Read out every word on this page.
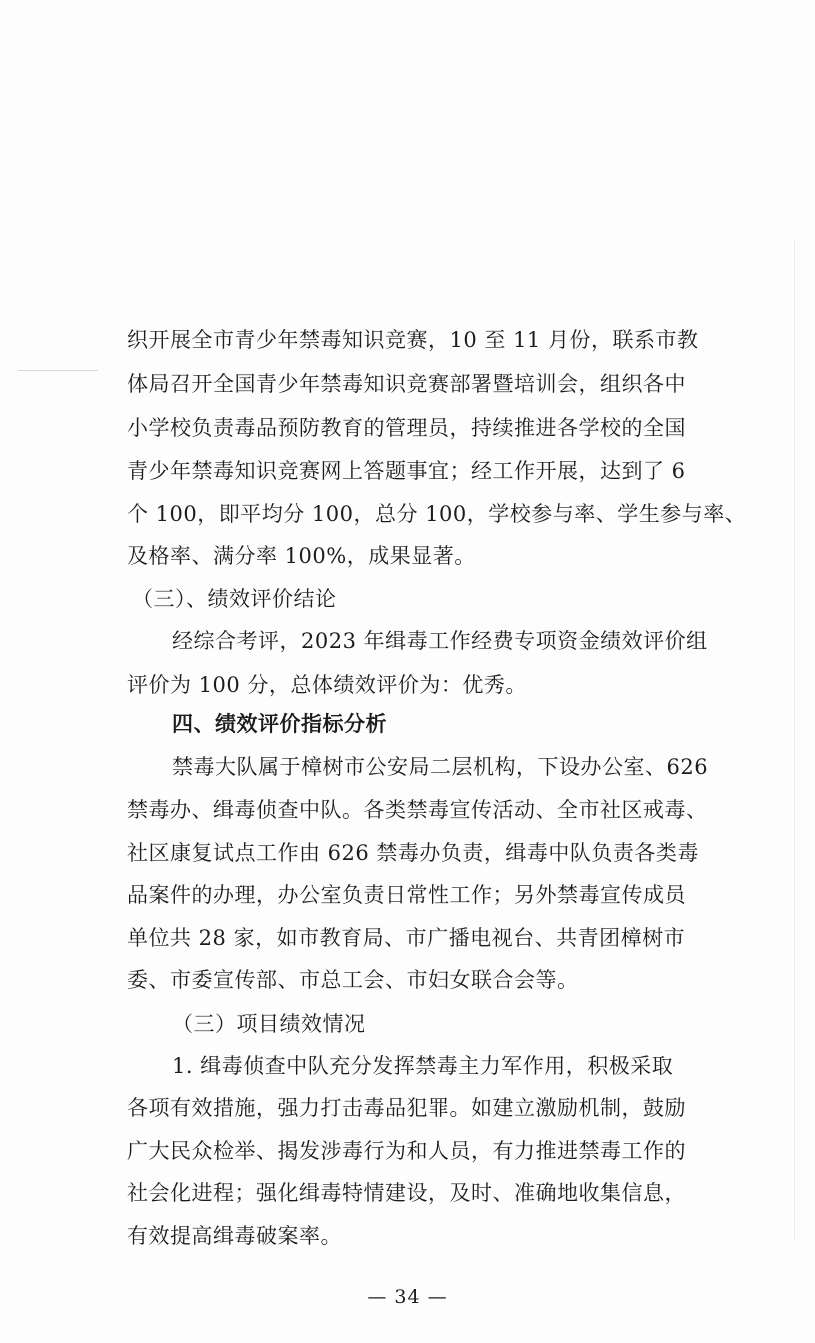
织开展全市青少年禁毒知识竞赛，10 至 11 月份，联系市教

体局召开全国青少年禁毒知识竞赛部署暨培训会，组织各中

小学校负责毒品预防教育的管理员，持续推进各学校的全国

青少年禁毒知识竞赛网上答题事宜；经工作开展，达到了 6

个 100，即平均分 100，总分 100，学校参与率、学生参与率、

及格率、满分率 100%，成果显著。

（三）、绩效评价结论

经综合考评，2023 年缉毒工作经费专项资金绩效评价组

评价为 100 分，总体绩效评价为：优秀。

四、绩效评价指标分析

禁毒大队属于樟树市公安局二层机构，下设办公室、626

禁毒办、缉毒侦查中队。各类禁毒宣传活动、全市社区戒毒、

社区康复试点工作由 626 禁毒办负责，缉毒中队负责各类毒

品案件的办理，办公室负责日常性工作；另外禁毒宣传成员

单位共 28 家，如市教育局、市广播电视台、共青团樟树市

委、市委宣传部、市总工会、市妇女联合会等。

（三）项目绩效情况

1. 缉毒侦查中队充分发挥禁毒主力军作用，积极采取

各项有效措施，强力打击毒品犯罪。如建立激励机制，鼓励

广大民众检举、揭发涉毒行为和人员，有力推进禁毒工作的

社会化进程；强化缉毒特情建设，及时、准确地收集信息，

有效提高缉毒破案率。

— 34 —
